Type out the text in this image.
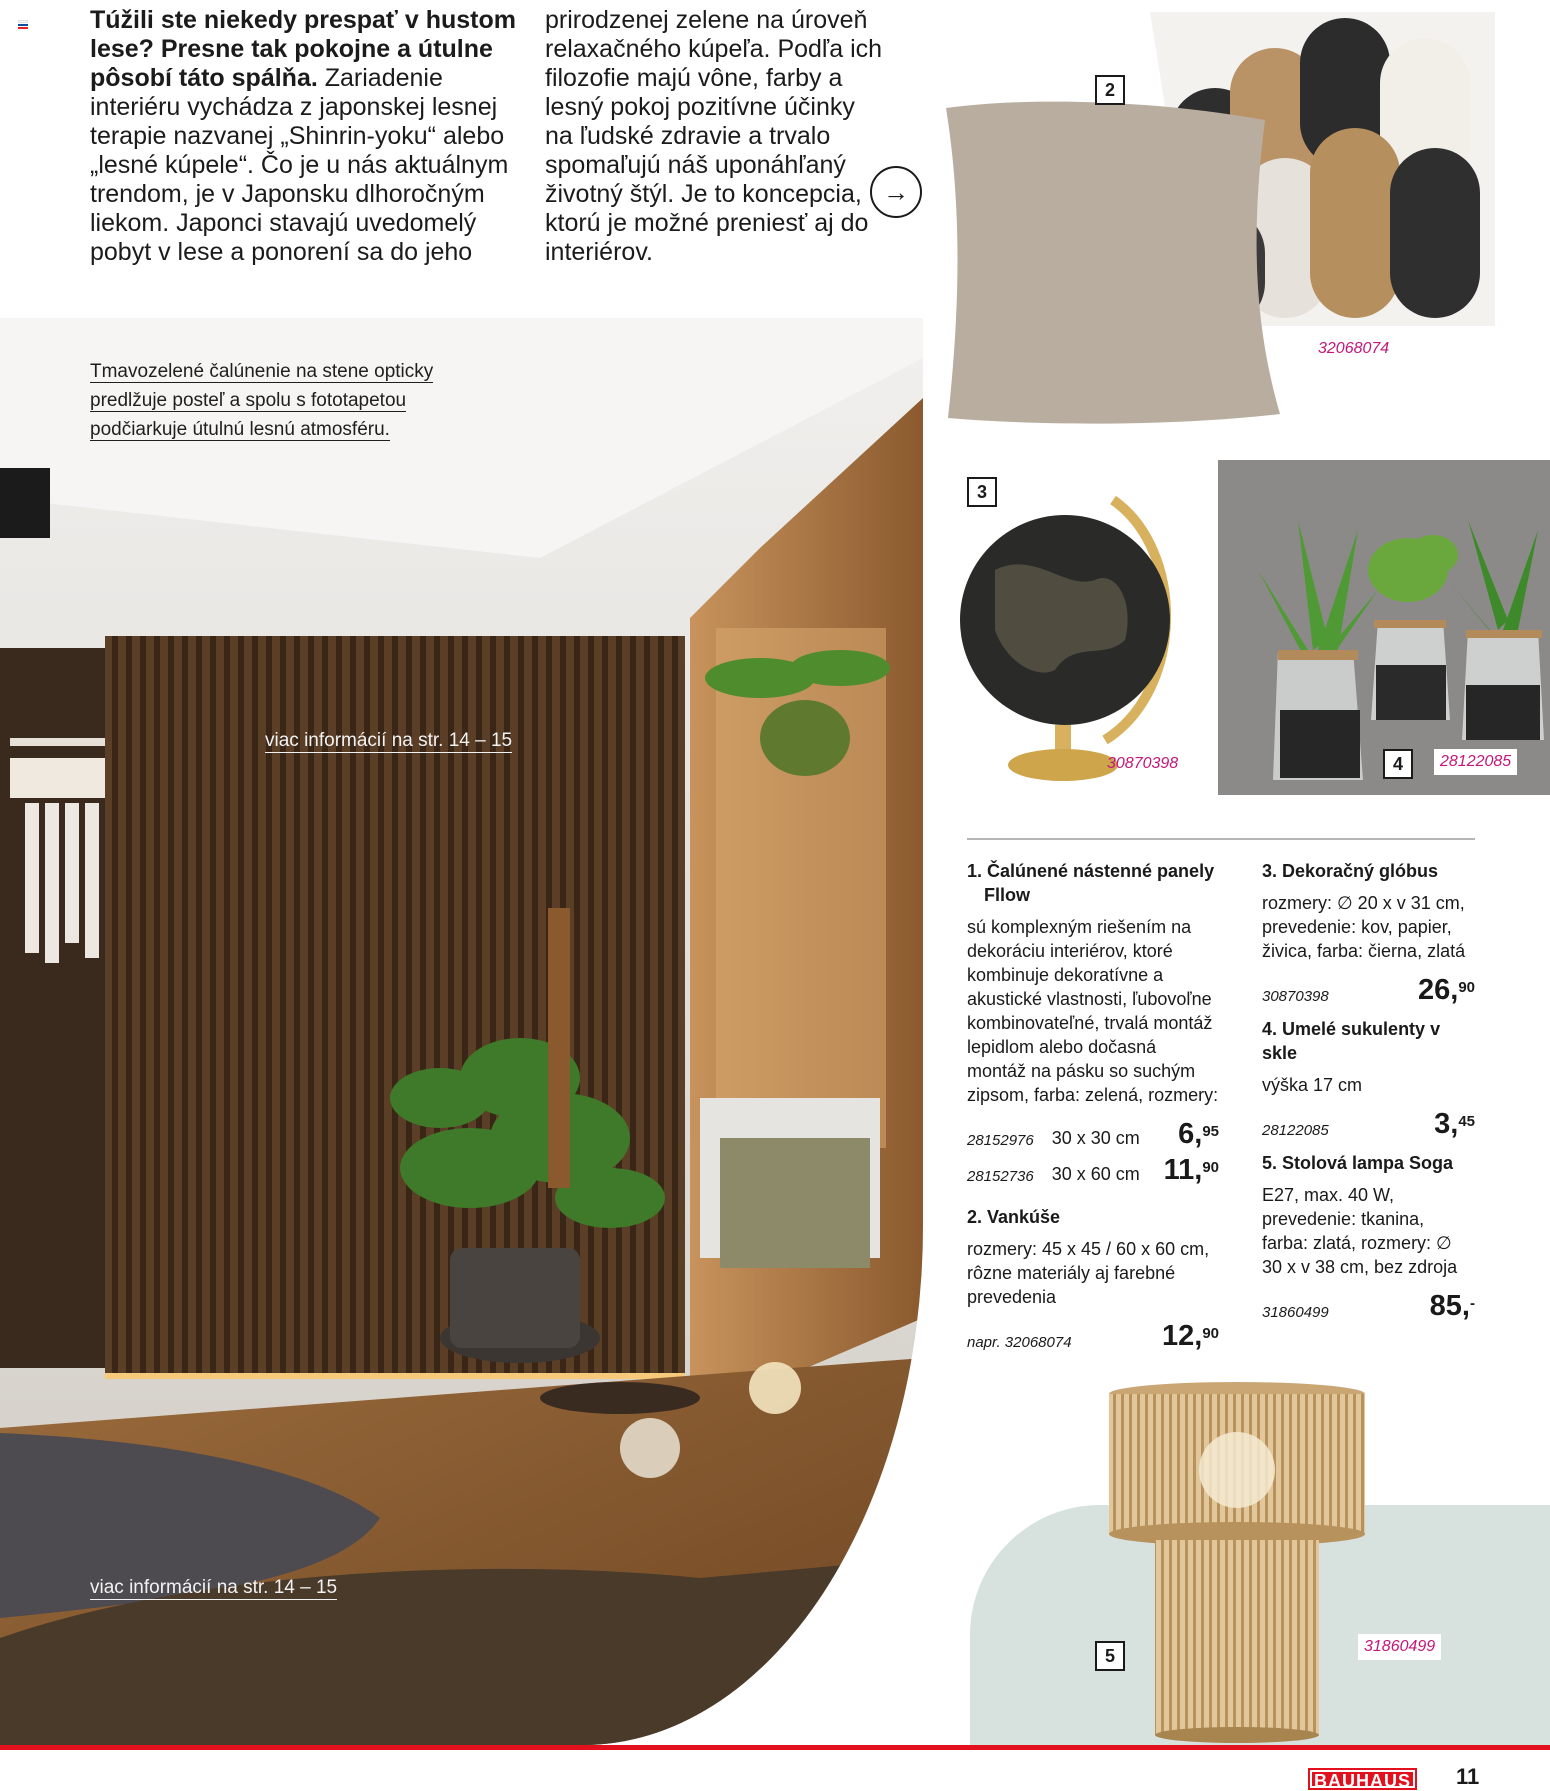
Túžili ste niekedy prespať v hustom lese? Presne tak pokojne a útulne pôsobí táto spálňa. Zariadenie interiéru vychádza z japonskej lesnej terapie nazvanej „Shinrin-yoku“ alebo „lesné kúpele“. Čo je u nás aktuálnym trendom, je v Japonsku dlhoročným liekom. Japonci stavajú uvedomelý pobyt v lese a ponorení sa do jeho
prirodzenej zelene na úroveň relaxačného kúpeľa. Podľa ich filozofie majú vône, farby a lesný pokoj pozitívne účinky na ľudské zdravie a trvalo spomaľujú náš uponáhľaný životný štýl. Je to koncepcia, ktorú je možné preniesť aj do interiérov.
→
Tmavozelené čalúnenie na stene opticky
predlžuje posteľ a spolu s fototapetou
podčiarkuje útulnú lesnú atmosféru.
viac informácií na str. 14 – 15
viac informácií na str. 14 – 15
2
32068074
3
30870398	4	28122085
1. Čalúnené nástenné panely
Fllow
sú komplexným riešením na dekoráciu interiérov, ktoré kombinuje dekoratívne a akustické vlastnosti, ľubovoľne kombinovateľné, trvalá montáž lepidlom alebo dočasná montáž na pásku so suchým zipsom, farba: zelená, rozmery:
28152976 30 x 30 cm 6,95
28152736 30 x 60 cm 11,90
2. Vankúše
rozmery: 45 x 45 / 60 x 60 cm, rôzne materiály aj farebné prevedenia
napr. 32068074	12,90
3. Dekoračný glóbus
rozmery: ∅ 20 x v 31 cm, prevedenie: kov, papier, živica, farba: čierna, zlatá
30870398	26,90
4. Umelé sukulenty v skle
výška 17 cm
28122085	3,45
5. Stolová lampa Soga
E27, max. 40 W, prevedenie: tkanina, farba: zlatá, rozmery: ∅ 30 x v 38 cm, bez zdroja
31860499	85,-
5	31860499
BAUHAUS 11
